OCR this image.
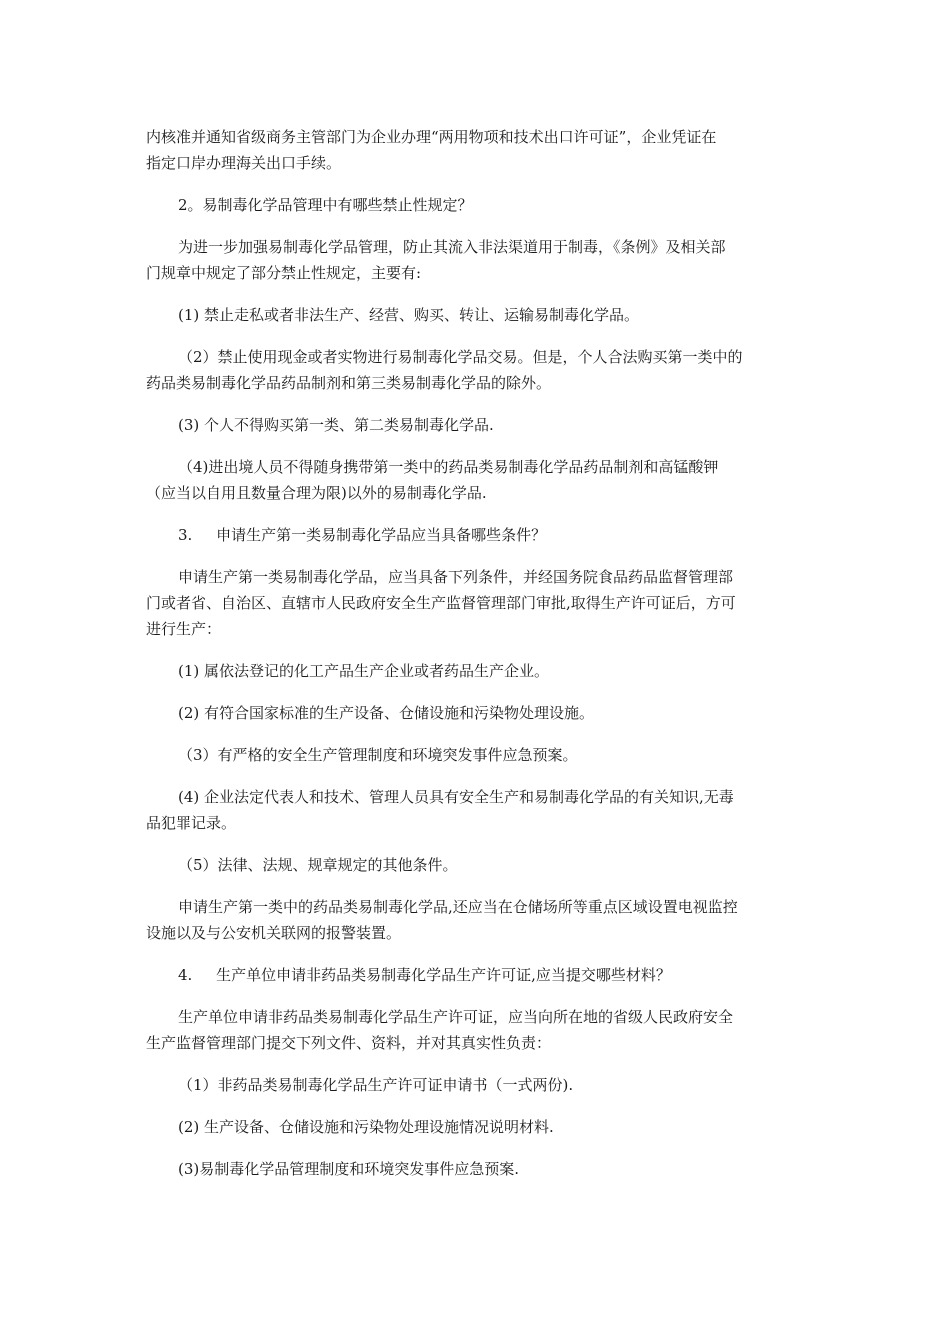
内核准并通知省级商务主管部门为企业办理“两用物项和技术出口许可证”，企业凭证在
指定口岸办理海关出口手续。
2。易制毒化学品管理中有哪些禁止性规定？
为进一步加强易制毒化学品管理，防止其流入非法渠道用于制毒，《条例》及相关部
门规章中规定了部分禁止性规定，主要有:
(1) 禁止走私或者非法生产、经营、购买、转让、运输易制毒化学品。
（2）禁止使用现金或者实物进行易制毒化学品交易。但是，个人合法购买第一类中的
药品类易制毒化学品药品制剂和第三类易制毒化学品的除外。
(3) 个人不得购买第一类、第二类易制毒化学品.
（4)进出境人员不得随身携带第一类中的药品类易制毒化学品药品制剂和高锰酸钾
（应当以自用且数量合理为限)以外的易制毒化学品.
3.     申请生产第一类易制毒化学品应当具备哪些条件？
申请生产第一类易制毒化学品，应当具备下列条件，并经国务院食品药品监督管理部
门或者省、自治区、直辖市人民政府安全生产监督管理部门审批,取得生产许可证后，方可
进行生产：
(1) 属依法登记的化工产品生产企业或者药品生产企业。
(2) 有符合国家标准的生产设备、仓储设施和污染物处理设施。
（3）有严格的安全生产管理制度和环境突发事件应急预案。
(4) 企业法定代表人和技术、管理人员具有安全生产和易制毒化学品的有关知识,无毒
品犯罪记录。
（5）法律、法规、规章规定的其他条件。
申请生产第一类中的药品类易制毒化学品,还应当在仓储场所等重点区域设置电视监控
设施以及与公安机关联网的报警装置。
4.     生产单位申请非药品类易制毒化学品生产许可证,应当提交哪些材料？
生产单位申请非药品类易制毒化学品生产许可证，应当向所在地的省级人民政府安全
生产监督管理部门提交下列文件、资料，并对其真实性负责：
（1）非药品类易制毒化学品生产许可证申请书（一式两份).
(2) 生产设备、仓储设施和污染物处理设施情况说明材料.
(3)易制毒化学品管理制度和环境突发事件应急预案.
